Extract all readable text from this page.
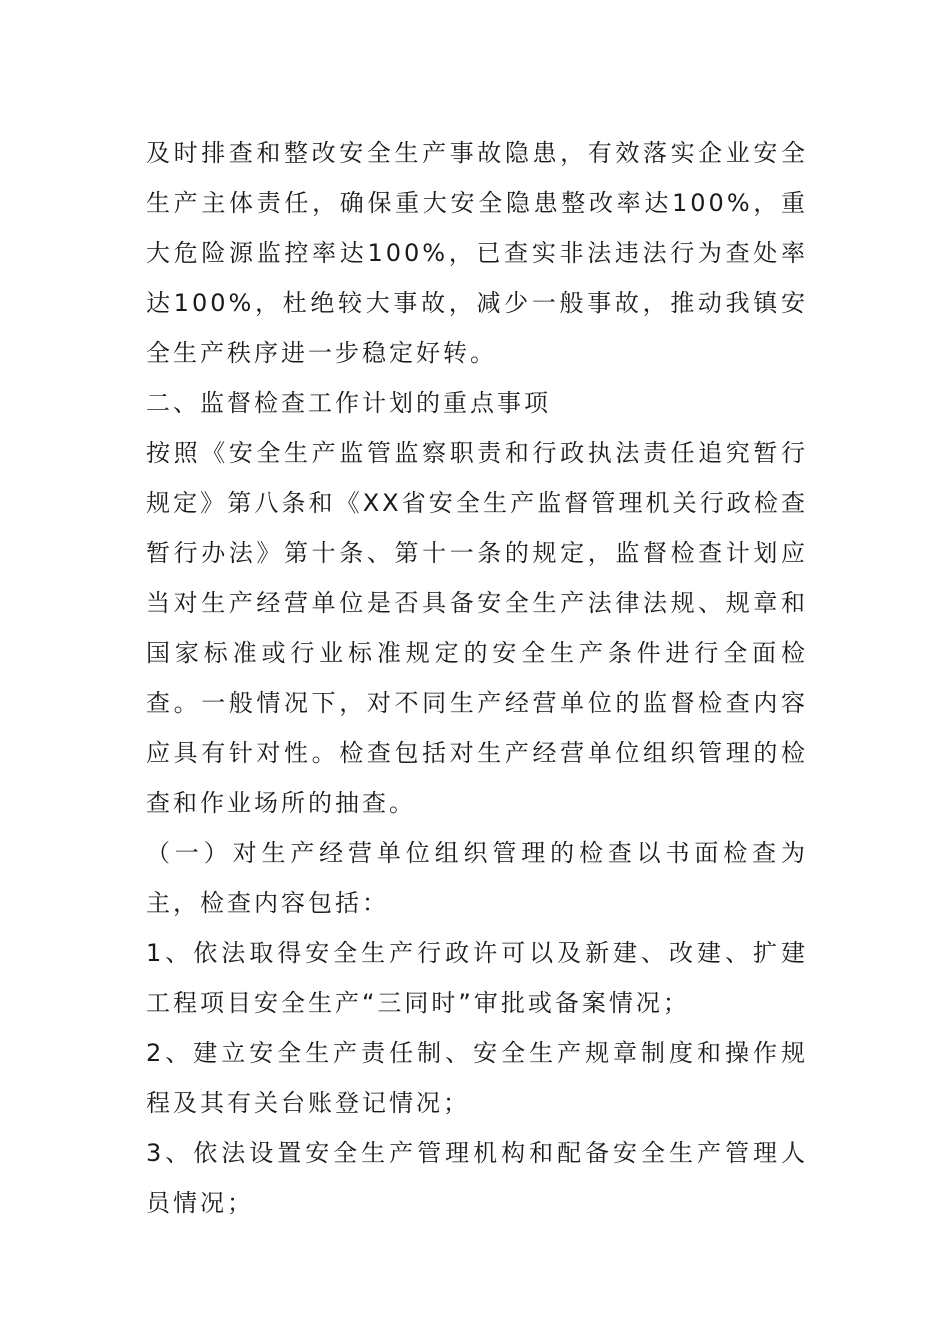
及时排查和整改安全生产事故隐患，有效落实企业安全生产主体责任，确保重大安全隐患整改率达100%，重大危险源监控率达100%，已查实非法违法行为查处率达100%，杜绝较大事故，减少一般事故，推动我镇安全生产秩序进一步稳定好转。

二、监督检查工作计划的重点事项

按照《安全生产监管监察职责和行政执法责任追究暂行规定》第八条和《XX省安全生产监督管理机关行政检查暂行办法》第十条、第十一条的规定，监督检查计划应当对生产经营单位是否具备安全生产法律法规、规章和国家标准或行业标准规定的安全生产条件进行全面检查。一般情况下，对不同生产经营单位的监督检查内容应具有针对性。检查包括对生产经营单位组织管理的检查和作业场所的抽查。

（一）对生产经营单位组织管理的检查以书面检查为主，检查内容包括：

1、依法取得安全生产行政许可以及新建、改建、扩建工程项目安全生产“三同时”审批或备案情况；

2、建立安全生产责任制、安全生产规章制度和操作规程及其有关台账登记情况；

3、依法设置安全生产管理机构和配备安全生产管理人员情况；
